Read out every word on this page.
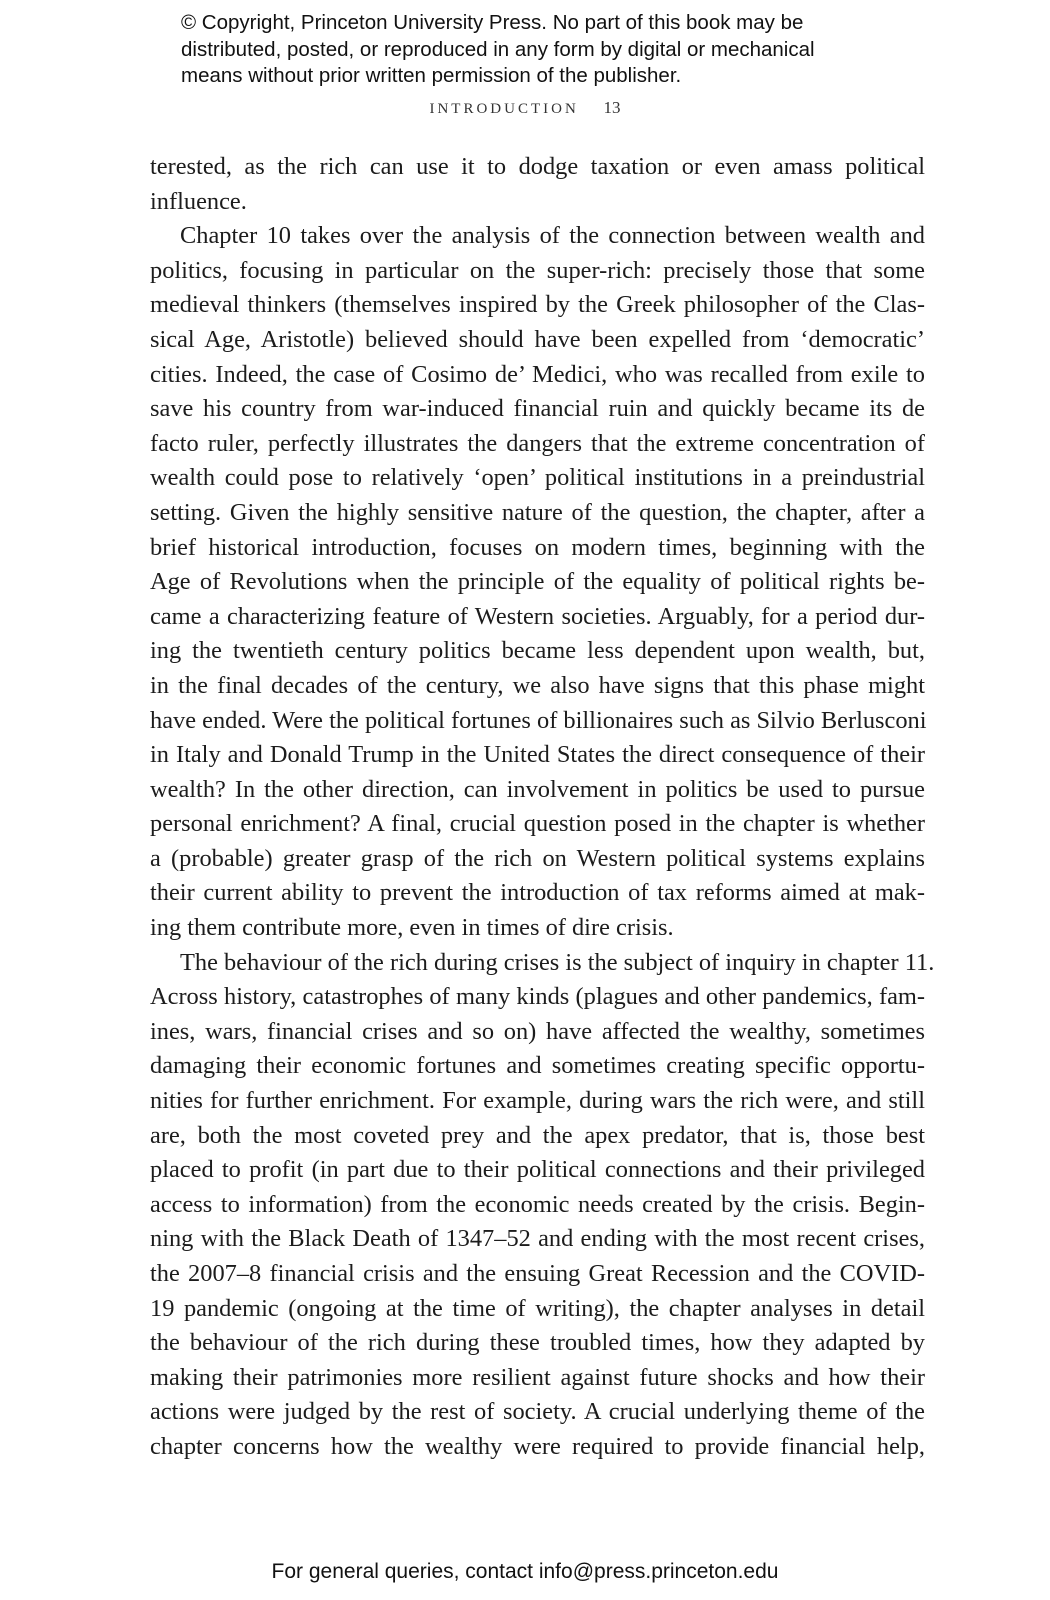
© Copyright, Princeton University Press. No part of this book may be
distributed, posted, or reproduced in any form by digital or mechanical
means without prior written permission of the publisher.
INTRODUCTION 13
terested, as the rich can use it to dodge taxation or even amass political
influence.
Chapter 10 takes over the analysis of the connection between wealth and
politics, focusing in particular on the super-rich: precisely those that some
medieval thinkers (themselves inspired by the Greek philosopher of the Clas-
sical Age, Aristotle) believed should have been expelled from ‘democratic’
cities. Indeed, the case of Cosimo de’ Medici, who was recalled from exile to
save his country from war-induced financial ruin and quickly became its de
facto ruler, perfectly illustrates the dangers that the extreme concentration of
wealth could pose to relatively ‘open’ political institutions in a preindustrial
setting. Given the highly sensitive nature of the question, the chapter, after a
brief historical introduction, focuses on modern times, beginning with the
Age of Revolutions when the principle of the equality of political rights be-
came a characterizing feature of Western societies. Arguably, for a period dur-
ing the twentieth century politics became less dependent upon wealth, but,
in the final decades of the century, we also have signs that this phase might
have ended. Were the political fortunes of billionaires such as Silvio Berlusconi
in Italy and Donald Trump in the United States the direct consequence of their
wealth? In the other direction, can involvement in politics be used to pursue
personal enrichment? A final, crucial question posed in the chapter is whether
a (probable) greater grasp of the rich on Western political systems explains
their current ability to prevent the introduction of tax reforms aimed at mak-
ing them contribute more, even in times of dire crisis.
The behaviour of the rich during crises is the subject of inquiry in chapter 11.
Across history, catastrophes of many kinds (plagues and other pandemics, fam-
ines, wars, financial crises and so on) have affected the wealthy, sometimes
damaging their economic fortunes and sometimes creating specific opportu-
nities for further enrichment. For example, during wars the rich were, and still
are, both the most coveted prey and the apex predator, that is, those best
placed to profit (in part due to their political connections and their privileged
access to information) from the economic needs created by the crisis. Begin-
ning with the Black Death of 1347–52 and ending with the most recent crises,
the 2007–8 financial crisis and the ensuing Great Recession and the COVID-
19 pandemic (ongoing at the time of writing), the chapter analyses in detail
the behaviour of the rich during these troubled times, how they adapted by
making their patrimonies more resilient against future shocks and how their
actions were judged by the rest of society. A crucial underlying theme of the
chapter concerns how the wealthy were required to provide financial help,
For general queries, contact info@press.princeton.edu
